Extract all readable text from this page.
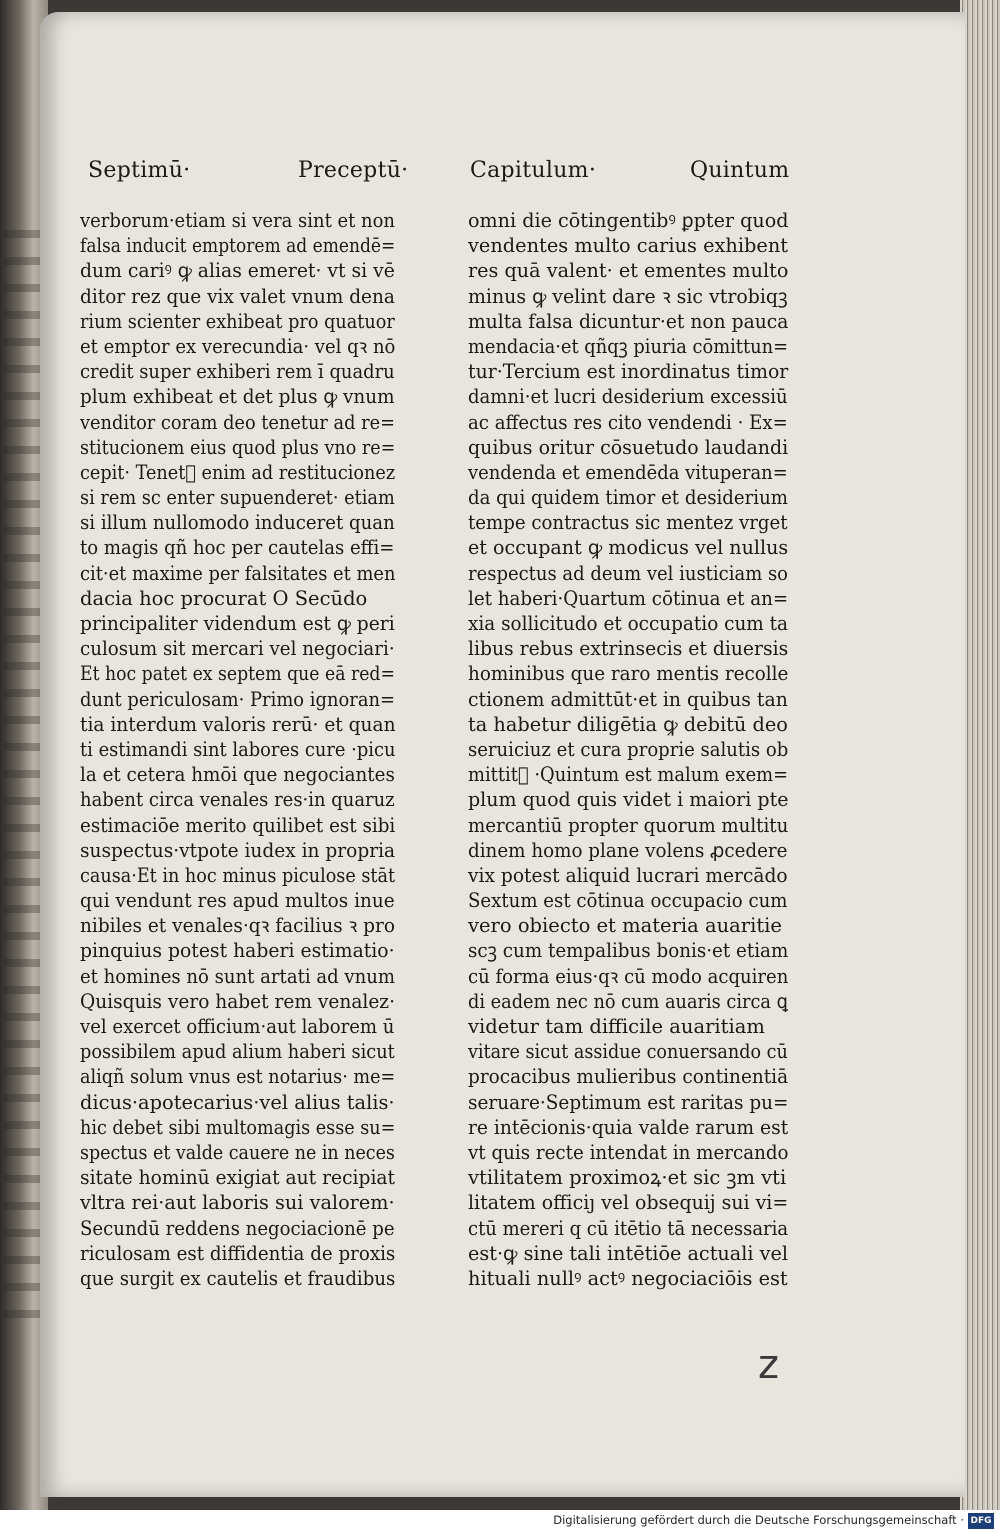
Septimū·	Preceptū·	Capitulum·	Quintum
verborum·etiam si vera sint et non
falsa inducit emptorem ad emendē=
dum cariꝰ ꝙ alias emeret· vt si vē
ditor rez que vix valet vnum dena
rium scienter exhibeat pro quatuor
et emptor ex verecundia· vel qꝛ nō
credit super exhiberi rem ī quadru
plum exhibeat et det plus ꝙ vnum
venditor coram deo tenetur ad re=
stitucionem eius quod plus vno re=
cepit· Tenetᷣ enim ad restitucionez
si rem sc enter supuenderet· etiam
si illum nullomodo induceret quan
to magis qñ hoc per cautelas effi=
cit·et maxime per falsitates et men
dacia hoc procurat O Secūdo
principaliter videndum est ꝙ peri
culosum sit mercari vel negociari·
Et hoc patet ex septem que eā red=
dunt periculosam· Primo ignoran=
tia interdum valoris rerū· et quan
ti estimandi sint labores cure ·picu
la et cetera hmōi que negociantes
habent circa venales res·in quaruz
estimaciōe merito quilibet est sibi
suspectus·vtpote iudex in propria
causa·Et in hoc minus piculose stāt
qui vendunt res apud multos inue
nibiles et venales·qꝛ facilius ꝛ pro
pinquius potest haberi estimatio·
et homines nō sunt artati ad vnum
Quisquis vero habet rem venalez·
vel exercet officium·aut laborem ū
possibilem apud alium haberi sicut
aliqñ solum vnus est notarius· me=
dicus·apotecarius·vel alius talis·
hic debet sibi multomagis esse su=
spectus et valde cauere ne in neces
sitate hominū exigiat aut recipiat
vltra rei·aut laboris sui valorem·
Secundū reddens negociacionē pe
riculosam est diffidentia de proxis
que surgit ex cautelis et fraudibus
omni die cōtingentibꝰ ꝑpter quod
vendentes multo carius exhibent
res quā valent· et ementes multo
minus ꝙ velint dare ꝛ sic vtrobiqꝫ
multa falsa dicuntur·et non pauca
mendacia·et qñqꝫ piuria cōmittun=
tur·Tercium est inordinatus timor
damni·et lucri desiderium excessiū
ac affectus res cito vendendi · Ex=
quibus oritur cōsuetudo laudandi
vendenda et emendēda vituperan=
da qui quidem timor et desiderium
tempe contractus sic mentez vrget
et occupant ꝙ modicus vel nullus
respectus ad deum vel iusticiam so
let haberi·Quartum cōtinua et an=
xia sollicitudo et occupatio cum ta
libus rebus extrinsecis et diuersis
hominibus que raro mentis recolle
ctionem admittūt·et in quibus tan
ta habetur diligētia ꝙ debitū deo
seruiciuz et cura proprie salutis ob
mittitᷣ ·Quintum est malum exem=
plum quod quis videt i maiori pte
mercantiū propter quorum multitu
dinem homo plane volens ꝓcedere
vix potest aliquid lucrari mercādo
Sextum est cōtinua occupacio cum
vero obiecto et materia auaritie
scꝫ cum tempalibus bonis·et etiam
cū forma eius·qꝛ cū modo acquiren
di eadem nec nō cum auaris circa ꝗ
videtur tam difficile auaritiam
vitare sicut assidue conuersando cū
procacibus mulieribus continentiā
seruare·Septimum est raritas pu=
re intēcionis·quia valde rarum est
vt quis recte intendat in mercando
vtilitatem proximoꝝ·et sic ꝫm vti
litatem officiȷ vel obsequij sui vi=
ctū mereri q cū itētio tā necessaria
est·ꝙ sine tali intētiōe actuali vel
hituali nullꝰ actꝰ negociaciōis est
z
Digitalisierung gefördert durch die Deutsche Forschungsgemeinschaft · DFG
